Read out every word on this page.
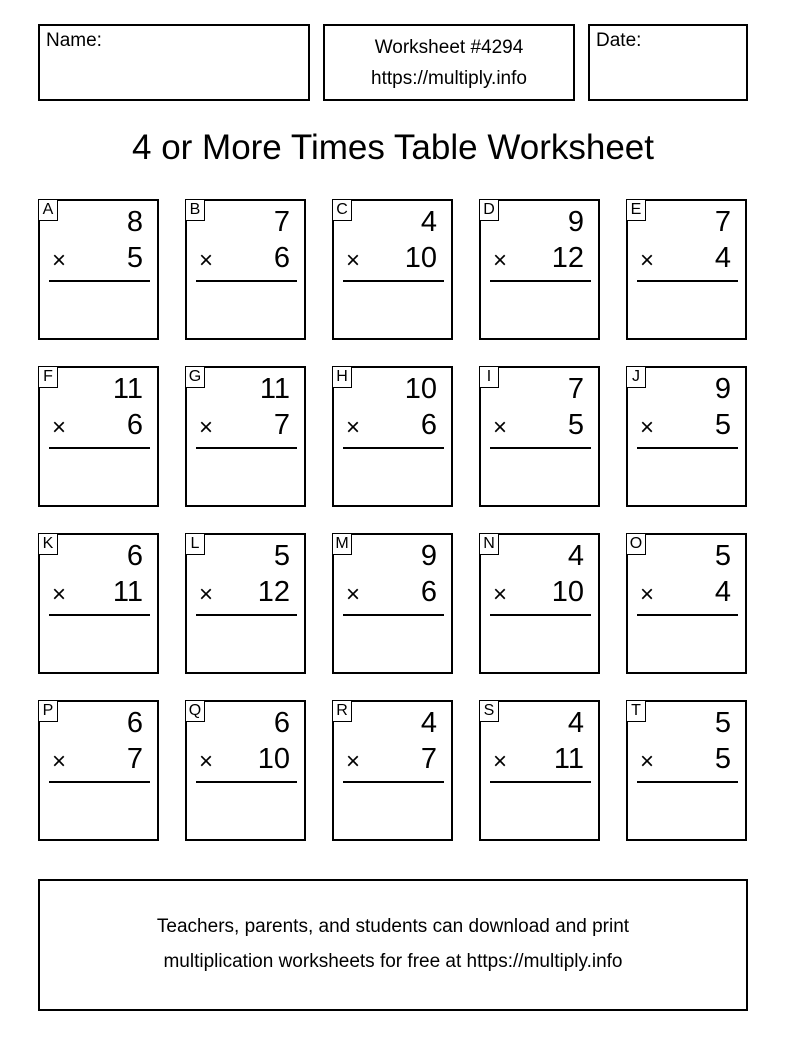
Name:	Worksheet #4294
https://multiply.info
Date:
4 or More Times Table Worksheet
A	8
× 5
B	7
× 6
C	4
× 10
D	9
× 12
E	7
× 4
F 11
× 6
G 11
× 7
H 10
× 6
I	7
× 5
J	9
× 5
K	6
× 11
L	5
× 12
M 9
× 6
N	4
× 10
O	5
× 4
P	6
× 7
Q	6
× 10
R	4
× 7
S	4
× 11
T	5
× 5
Teachers, parents, and students can download and print
multiplication worksheets for free at https://multiply.info
